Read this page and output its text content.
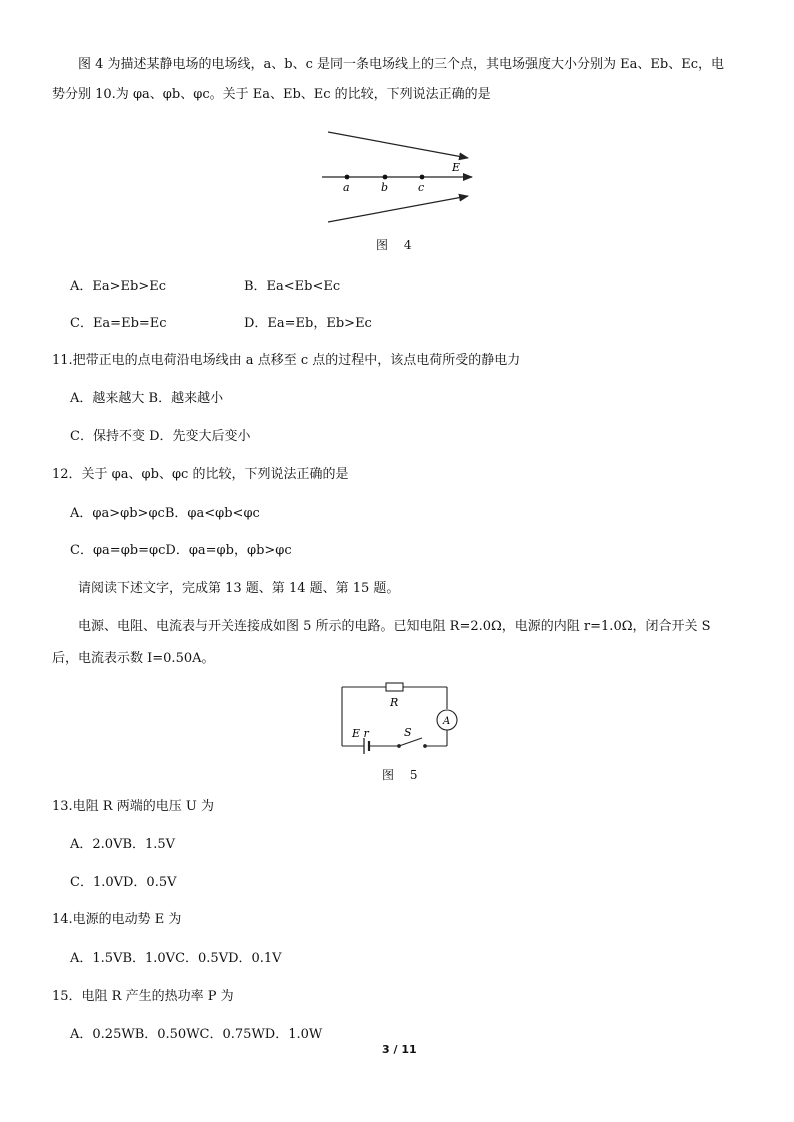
图 4 为描述某静电场的电场线，a、b、c 是同一条电场线上的三个点，其电场强度大小分别为 Ea、Eb、Ec，电
势分别 10.为 φa、φb、φc。关于 Ea、Eb、Ec 的比较，下列说法正确的是
E
a	b	c
图 4
A．Ea>Eb>Ec	B．Ea<Eb<Ec
C．Ea=Eb=Ec	D．Ea=Eb，Eb>Ec
11.把带正电的点电荷沿电场线由 a 点移至 c 点的过程中，该点电荷所受的静电力
A．越来越大 B．越来越小
C．保持不变 D．先变大后变小
12．关于 φa、φb、φc 的比较，下列说法正确的是
A．φa>φb>φcB．φa<φb<φc
C．φa=φb=φcD．φa=φb，φb>φc
请阅读下述文字，完成第 13 题、第 14 题、第 15 题。
电源、电阻、电流表与开关连接成如图 5 所示的电路。已知电阻 R=2.0Ω，电源的内阻 r=1.0Ω，闭合开关 S
后，电流表示数 I=0.50A。
R
A
E r	S
图 5
13.电阻 R 两端的电压 U 为
A．2.0VB．1.5V
C．1.0VD．0.5V
14.电源的电动势 E 为
A．1.5VB．1.0VC．0.5VD．0.1V
15．电阻 R 产生的热功率 P 为
A．0.25WB．0.50WC．0.75WD．1.0W
3 / 11
